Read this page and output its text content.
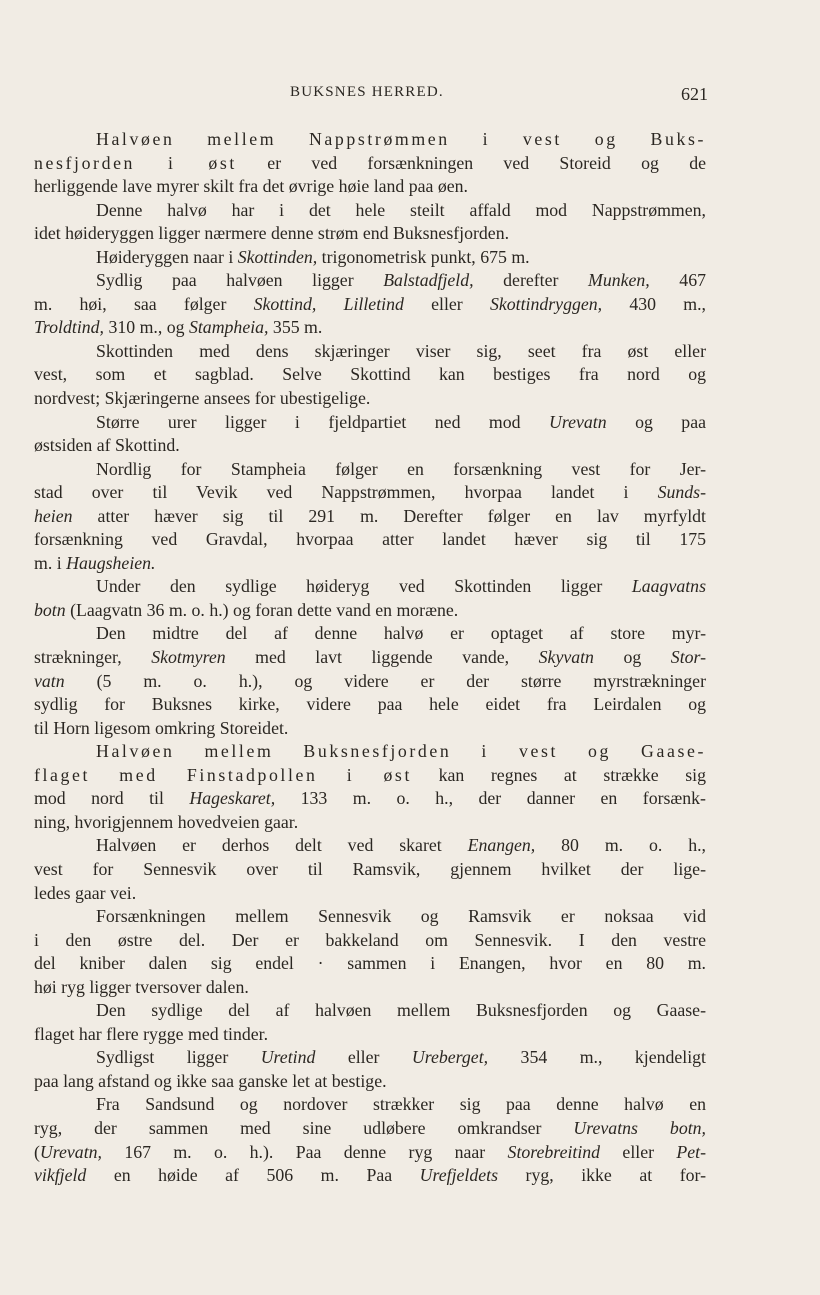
BUKSNES HERRED.	621

Halvøen mellem Nappstrømmen i vest og Buks-
nesfjorden i øst er ved forsænkningen ved Storeid og de
herliggende lave myrer skilt fra det øvrige høie land paa øen.

Denne halvø har i det hele steilt affald mod Nappstrømmen,
idet høideryggen ligger nærmere denne strøm end Buksnesfjorden.

Høideryggen naar i Skottinden, trigonometrisk punkt, 675 m.

Sydlig paa halvøen ligger Balstadfjeld, derefter Munken, 467
m. høi, saa følger Skottind, Lilletind eller Skottindryggen, 430 m.,
Troldtind, 310 m., og Stampheia, 355 m.

Skottinden med dens skjæringer viser sig, seet fra øst eller
vest, som et sagblad. Selve Skottind kan bestiges fra nord og
nordvest; Skjæringerne ansees for ubestigelige.

Større urer ligger i fjeldpartiet ned mod Urevatn og paa
østsiden af Skottind.

Nordlig for Stampheia følger en forsænkning vest for Jer-
stad over til Vevik ved Nappstrømmen, hvorpaa landet i Sunds-
heien atter hæver sig til 291 m. Derefter følger en lav myrfyldt
forsænkning ved Gravdal, hvorpaa atter landet hæver sig til 175
m. i Haugsheien.

Under den sydlige høideryg ved Skottinden ligger Laagvatns
botn (Laagvatn 36 m. o. h.) og foran dette vand en moræne.

Den midtre del af denne halvø er optaget af store myr-
strækninger, Skotmyren med lavt liggende vande, Skyvatn og Stor-
vatn (5 m. o. h.), og videre er der større myrstrækninger
sydlig for Buksnes kirke, videre paa hele eidet fra Leirdalen og
til Horn ligesom omkring Storeidet.

Halvøen mellem Buksnesfjorden i vest og Gaase-
flaget med Finstadpollen i øst kan regnes at strække sig
mod nord til Hageskaret, 133 m. o. h., der danner en forsænk-
ning, hvorigjennem hovedveien gaar.

Halvøen er derhos delt ved skaret Enangen, 80 m. o. h.,
vest for Sennesvik over til Ramsvik, gjennem hvilket der lige-
ledes gaar vei.

Forsænkningen mellem Sennesvik og Ramsvik er noksaa vid
i den østre del. Der er bakkeland om Sennesvik. I den vestre
del kniber dalen sig endel · sammen i Enangen, hvor en 80 m.
høi ryg ligger tversover dalen.

Den sydlige del af halvøen mellem Buksnesfjorden og Gaase-
flaget har flere rygge med tinder.

Sydligst ligger Uretind eller Ureberget, 354 m., kjendeligt
paa lang afstand og ikke saa ganske let at bestige.

Fra Sandsund og nordover strækker sig paa denne halvø en
ryg, der sammen med sine udløbere omkrandser Urevatns botn,
(Urevatn, 167 m. o. h.). Paa denne ryg naar Storebreitind eller Pet-
vikfjeld en høide af 506 m. Paa Urefjeldets ryg, ikke at for-
